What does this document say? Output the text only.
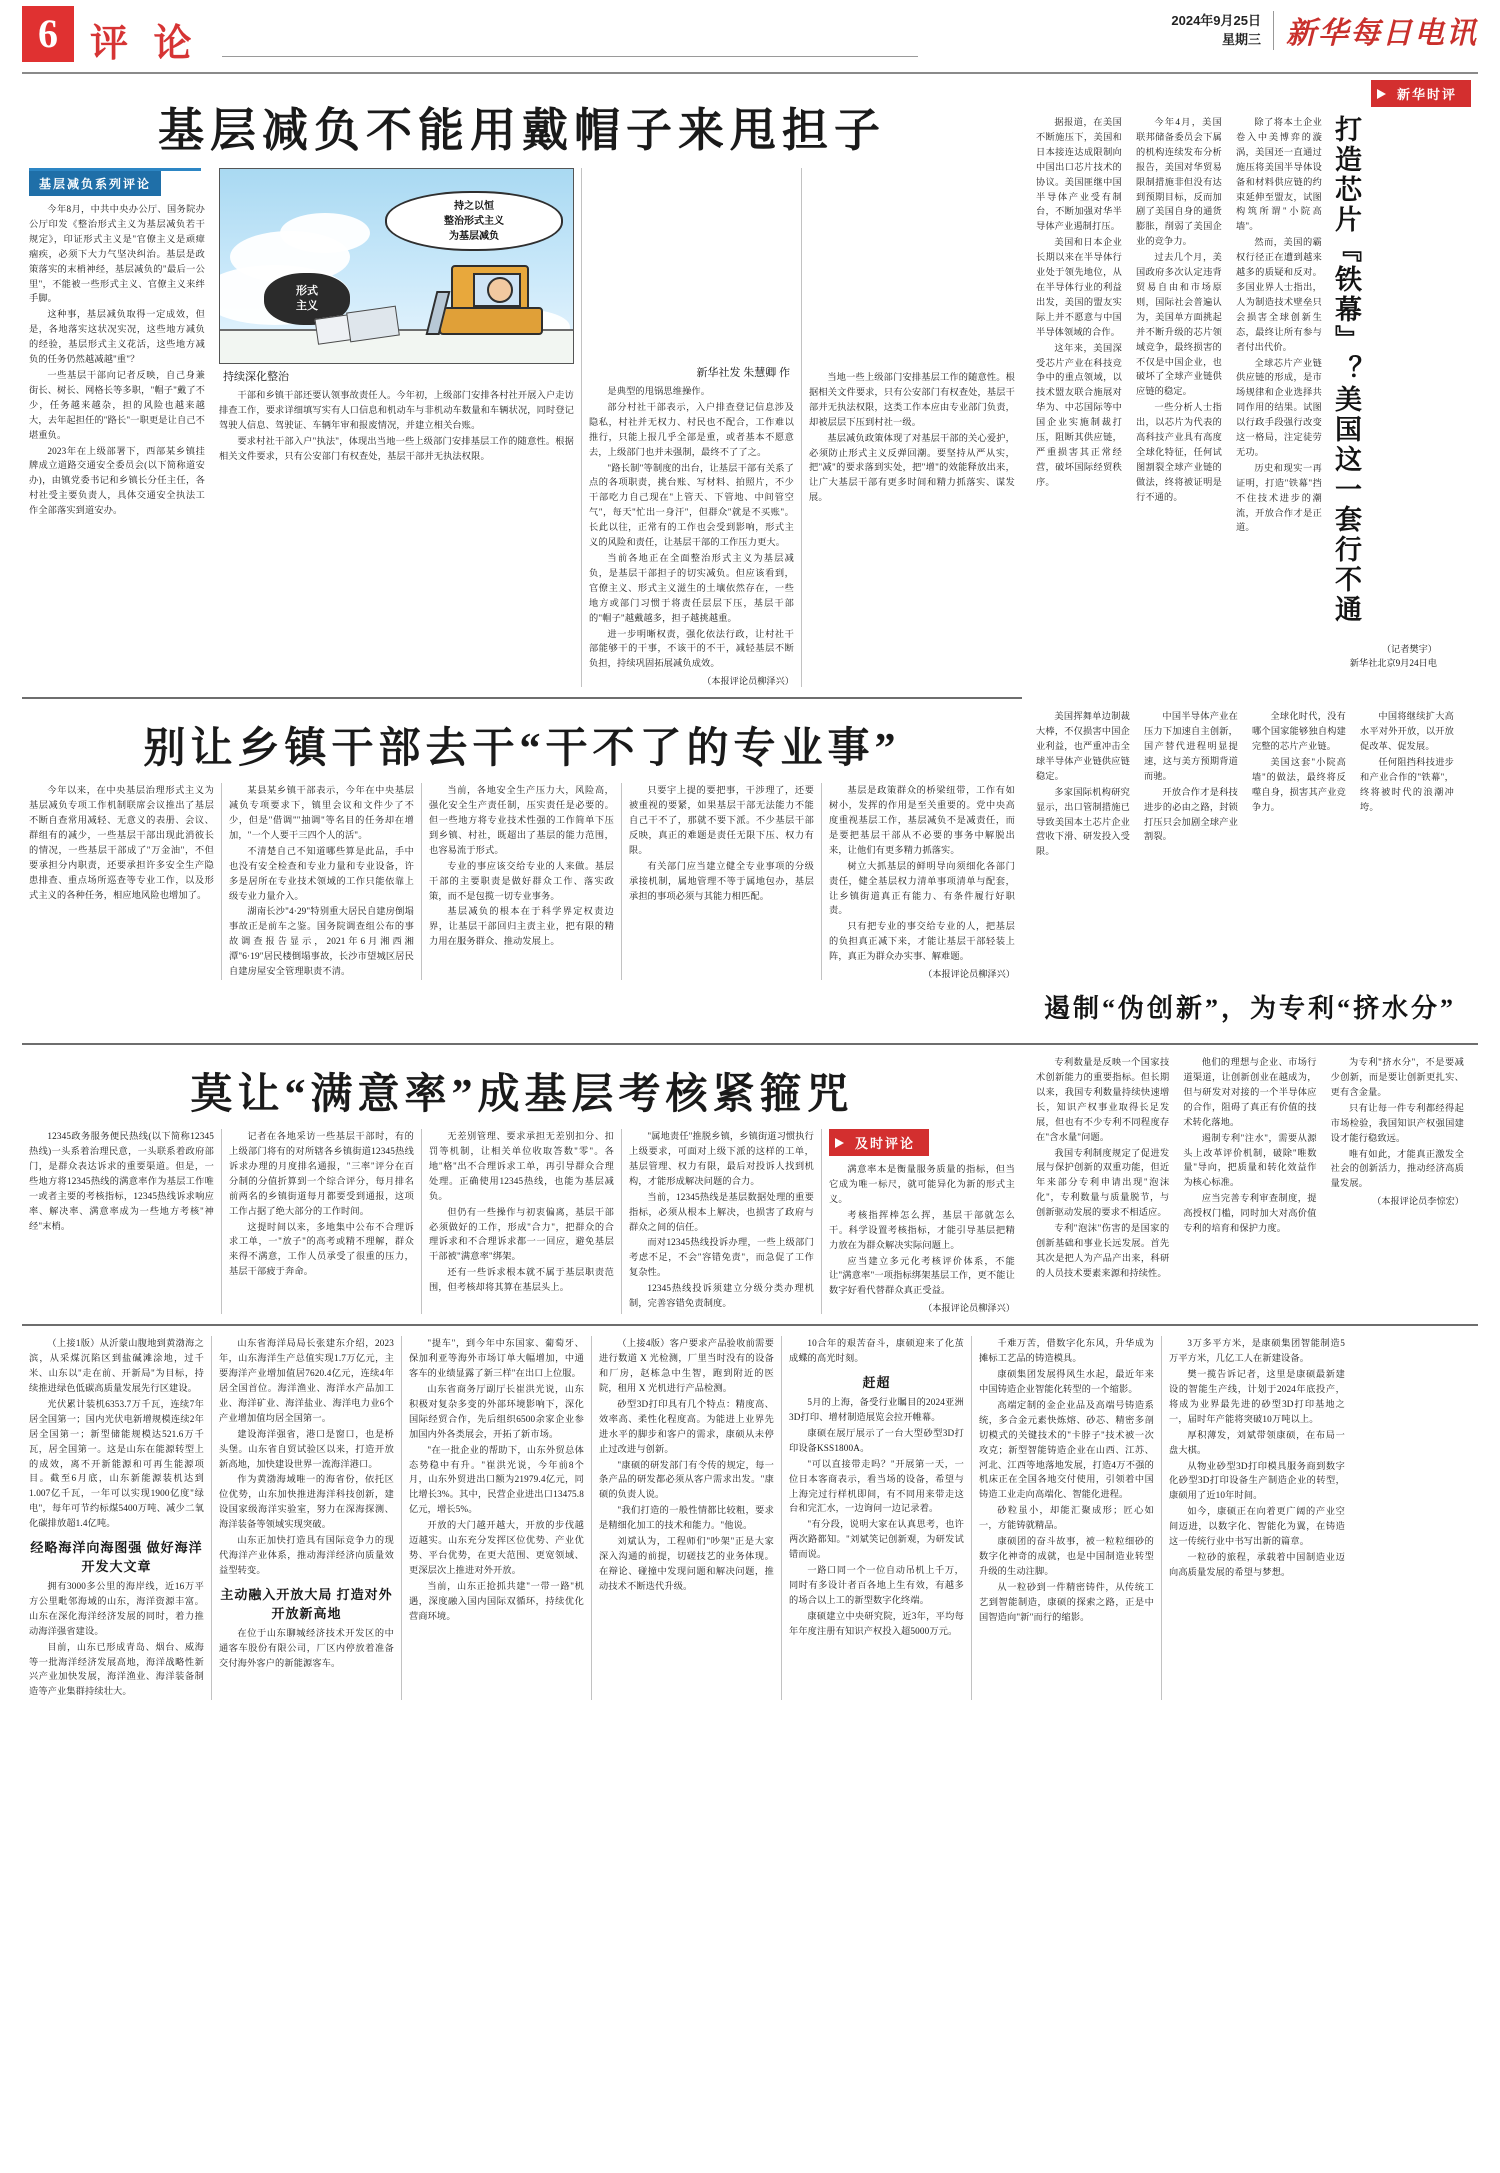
6 评 论
2024年9月25日
星期三 新华每日电讯
基层减负不能用戴帽子来甩担子
基层减负系列评论

今年8月，中共中央办公厅、国务院办公厅印发《整治形式主义为基层减负若干规定》，印证形式主义是"官僚主义是顽瘴痼疾，必须下大力气坚决纠治。基层是政策落实的末梢神经，基层减负的"最后一公里"，不能被一些形式主义、官僚主义来绊手脚。

这种事，基层减负取得一定成效，但是，各地落实这状况实况，这些地方减负的经验，基层形式主义花活，这些地方减负的任务仍然越减越"重"？

一些基层干部向记者反映，自己身兼街长、树长、网格长等多职，"帽子"戴了不少，任务越来越杂，担的风险也越来越大，去年起担任的"路长"一职更是让自己不堪重负。

2023年在上级部署下，西部某乡镇挂牌成立道路交通安全委员会(以下简称道安办)，由镇党委书记和乡镇长分任主任，各村社受主要负责人，具体交通安全执法工作全部落实到道安办。

持之以恒
整治形式主义
为基层减负
形式
主义
持续深化整治

干部和乡镇干部还要认领事故责任人。今年初，上级部门安排各村社开展入户走访排查工作，要求详细填写实有人口信息和机动车与非机动车数量和车辆状况，同时登记驾驶人信息、驾驶证、车辆年审和报废情况，并建立相关台账。

要求村社干部入户"执法"，体现出当地一些上级部门安排基层工作的随意性。根据相关文件要求，只有公安部门有权查处，基层干部并无执法权限。

新华社发 朱慧卿 作

是典型的甩锅思维操作。

部分村社干部表示，入户排查登记信息涉及隐私，村社并无权力、村民也不配合，工作难以推行，只能上报几乎全部是重，或者基本不愿意去，上级部门也并未强制，最终不了了之。

"路长制"等制度的出台，让基层干部有关系了点的各项职责，挑台账、写材料、拍照片，不少干部吃力自己现在"上管天、下管地、中间管空气"，每天"忙出一身汗"，但群众"就是不买账"。长此以往，正常有的工作也会受到影响，形式主义的风险和责任，让基层干部的工作压力更大。

当前各地正在全面整治形式主义为基层减负，是基层干部担子的切实减负。但应该看到，官僚主义、形式主义滋生的土壤依然存在，一些地方或部门习惯于将责任层层下压，基层干部的"帽子"越戴越多，担子越挑越重。

进一步明晰权责，强化依法行政，让村社干部能够干的干事，不该干的不干，减轻基层不断负担，持续巩固拓展减负成效。

（本报评论员柳泽兴）

当地一些上级部门安排基层工作的随意性。根据相关文件要求，只有公安部门有权查处，基层干部并无执法权限，这类工作本应由专业部门负责，却被层层下压到村社一级。

基层减负政策体现了对基层干部的关心爱护，必须防止形式主义反弹回潮。要坚持从严从实，把"减"的要求落到实处，把"增"的效能释放出来，让广大基层干部有更多时间和精力抓落实、谋发展。

新华时评

据报道，在美国不断施压下，美国和日本接连达成限制向中国出口芯片技术的协议。美国匪继中国半导体产业受有制台，不断加强对华半导体产业遏制打压。

美国和日本企业长期以来在半导体行业处于领先地位，从在半导体行业的利益出发，美国的盟友实际上并不愿意与中国半导体领域的合作。

这年来，美国深受芯片产业在科技竞争中的重点领域，以技术盟友联合施展对华为、中芯国际等中国企业实施制裁打压，阻断其供应链，严重损害其正常经营，破坏国际经贸秩序。

今年4月，美国联邦储备委员会下属的机构连续发布分析报告，美国对华贸易限制措施非但没有达到预期目标，反而加剧了美国自身的通货膨胀，削弱了美国企业的竞争力。

过去几个月，美国政府多次认定违背贸易自由和市场原则，国际社会普遍认为，美国单方面挑起并不断升级的芯片领域竞争，最终损害的不仅是中国企业，也破坏了全球产业链供应链的稳定。

一些分析人士指出，以芯片为代表的高科技产业具有高度全球化特征，任何试图割裂全球产业链的做法，终将被证明是行不通的。

除了将本土企业卷入中美博弈的漩涡，美国还一直通过施压将美国半导体设备和材料供应链的约束延伸至盟友，试图构筑所谓"小院高墙"。

然而，美国的霸权行径正在遭到越来越多的质疑和反对。多国业界人士指出，人为制造技术壁垒只会损害全球创新生态，最终让所有参与者付出代价。

全球芯片产业链供应链的形成，是市场规律和企业选择共同作用的结果。试图以行政手段强行改变这一格局，注定徒劳无功。

历史和现实一再证明，打造"铁幕"挡不住技术进步的潮流，开放合作才是正道。	打造芯片『铁幕』？美国这一套行不通
（记者樊宇）
新华社北京9月24日电
别让乡镇干部去干“干不了的专业事”

今年以来，在中央基层治理形式主义为基层减负专项工作机制联席会议推出了基层不断自查常用减轻、无意义的表册、会议、群组有的减少，一些基层干部出现此消彼长的情况，一些基层干部成了"万金油"，不但要承担分内职责，还要承担许多安全生产隐患排查、重点场所巡查等专业工作，以及形式主义的各种任务，相应地风险也增加了。

某县某乡镇干部表示，今年在中央基层减负专项要求下，镇里会议和文件少了不少，但是"借调""抽调"等名目的任务却在增加，"一个人要干三四个人的活"。

不清楚自己不知道哪些算是此品，手中也没有安全检查和专业力量和专业设备，许多是居所在专业技术领域的工作只能依靠上级专业力量介入。

湖南长沙"4·29"特别重大居民自建房倒塌事故正是前车之鉴。国务院调查组公布的事故调查报告显示，2021年6月湘西湘潭"6·19"居民楼倒塌事故，长沙市望城区居民自建房屋安全管理职责不清。

当前，各地安全生产压力大，风险高，强化安全生产责任制，压实责任是必要的。但一些地方将专业技术性强的工作简单下压到乡镇、村社，既超出了基层的能力范围，也容易流于形式。

专业的事应该交给专业的人来做。基层干部的主要职责是做好群众工作、落实政策，而不是包揽一切专业事务。

基层减负的根本在于科学界定权责边界，让基层干部回归主责主业，把有限的精力用在服务群众、推动发展上。

只要宇上提的要把事，干涉理了，还要被重视的要紧，如果基层干部无法能力不能自己干不了，那就不要下派。不少基层干部反映，真正的难题是责任无限下压、权力有限。

有关部门应当建立健全专业事项的分级承接机制，属地管理不等于属地包办，基层承担的事项必须与其能力相匹配。

基层是政策群众的桥梁纽带，工作有如树小，发挥的作用是至关重要的。党中央高度重视基层工作，基层减负不是减责任，而是要把基层干部从不必要的事务中解脱出来，让他们有更多精力抓落实。

树立大抓基层的鲜明导向须细化各部门责任，健全基层权力清单事项清单与配套，让乡镇街道真正有能力、有条件履行好职责。

只有把专业的事交给专业的人，把基层的负担真正减下来，才能让基层干部轻装上阵，真正为群众办实事、解难题。

（本报评论员柳泽兴）

美国挥舞单边制裁大棒，不仅损害中国企业利益，也严重冲击全球半导体产业链供应链稳定。

多家国际机构研究显示，出口管制措施已导致美国本土芯片企业营收下滑、研发投入受限。

中国半导体产业在压力下加速自主创新，国产替代进程明显提速，这与美方预期背道而驰。

开放合作才是科技进步的必由之路，封锁打压只会加剧全球产业割裂。

全球化时代，没有哪个国家能够独自构建完整的芯片产业链。

美国这套"小院高墙"的做法，最终将反噬自身，损害其产业竞争力。

中国将继续扩大高水平对外开放，以开放促改革、促发展。

任何阻挡科技进步和产业合作的"铁幕"，终将被时代的浪潮冲垮。

遏制“伪创新”，为专利“挤水分”
莫让“满意率”成基层考核紧箍咒

12345政务服务便民热线(以下简称12345热线)一头系着治理民意，一头联系着政府部门，是群众表达诉求的重要渠道。但是，一些地方将12345热线的满意率作为基层工作唯一或者主要的考核指标，12345热线诉求响应率、解决率、满意率成为一些地方考核"神经"末梢。

记者在各地采访一些基层干部时，有的上级部门将有的对所辖各乡镇街道12345热线诉求办理的月度排名通报，"三率"评分在百分制的分值折算到一个综合评分，每月排名前两名的乡镇街道每月都要受到通报，这项工作占据了绝大部分的工作时间。

这提时间以来，多地集中公布不合理诉求工单，一"放子"的高考或精不理解，群众来得不满意，工作人员承受了很重的压力，基层干部疲于奔命。

无差别管理、要求承担无差别扣分、扣罚等机制，让相关单位收取答数"零"。各地"格"出不合理诉求工单，再引导群众合理处理。正确使用12345热线，也能为基层减负。

但仍有一些操作与初衷偏离，基层干部必须做好的工作，形成"合力"，把群众的合理诉求和不合理诉求都一一回应，避免基层干部被"满意率"绑架。

还有一些诉求根本就不属于基层职责范围，但考核却将其算在基层头上。

"属地责任"推脱乡镇，乡镇街道习惯执行上级要求，可面对上级下派的这样的工单，基层管理、权力有限，最后对投诉人找到机构，才能形成解决问题的合力。

当前，12345热线是基层数据处理的重要指标，必须从根本上解决，也损害了政府与群众之间的信任。

而对12345热线投诉办理，一些上级部门考虑不足，不会"容错免责"，而急促了工作复杂性。

12345热线投诉须建立分级分类办理机制，完善容错免责制度。

及时评论

满意率本是衡量服务质量的指标，但当它成为唯一标尺，就可能异化为新的形式主义。

考核指挥棒怎么挥，基层干部就怎么干。科学设置考核指标，才能引导基层把精力放在为群众解决实际问题上。

应当建立多元化考核评价体系，不能让"满意率"一项指标绑架基层工作，更不能让数字好看代替群众真正受益。

（本报评论员柳泽兴）

专利数量是反映一个国家技术创新能力的重要指标。但长期以来，我国专利数量持续快速增长，知识产权事业取得长足发展，但也有不少专利不同程度存在"含水量"问题。

我国专利制度规定了促进发展与保护创新的双重功能，但近年来部分专利申请出现"泡沫化"，专利数量与质量脱节，与创新驱动发展的要求不相适应。

专利"泡沫"伤害的是国家的创新基础和事业长远发展。首先其次是把人为产品产出来，科研的人员技术要素来源和持续性。

他们的理想与企业、市场行道渠道，让创新创业在越成为，但与研发对对接的一个半导体应的合作，阻碍了真正有价值的技术转化落地。

遏制专利"注水"，需要从源头上改革评价机制，破除"唯数量"导向，把质量和转化效益作为核心标准。

应当完善专利审查制度，提高授权门槛，同时加大对高价值专利的培育和保护力度。

为专利"挤水分"，不是要减少创新，而是要让创新更扎实、更有含金量。

只有让每一件专利都经得起市场检验，我国知识产权强国建设才能行稳致远。

唯有如此，才能真正激发全社会的创新活力，推动经济高质量发展。

（本报评论员李惊宏）

（上接1版）从沂蒙山腹地到黄渤海之滨，从采煤沉陷区到盐碱滩涂地，过千米、山东以"走在前、开新局"为目标，持续推进绿色低碳高质量发展先行区建设。

光伏累计装机6353.7万千瓦，连续7年居全国第一；国内光伏电新增规模连续2年居全国第一；新型储能规模达521.6万千瓦，居全国第一。这是山东在能源转型上的成效，离不开新能源和可再生能源项目。截至6月底，山东新能源装机达到1.007亿千瓦，一年可以实现1900亿度"绿电"，每年可节约标煤5400万吨、减少二氧化碳排放超1.4亿吨。

经略海洋向海图强 做好海洋开发大文章

拥有3000多公里的海岸线，近16万平方公里毗邻海域的山东，海洋资源丰富。山东在深化海洋经济发展的同时，着力推动海洋强省建设。

目前，山东已形成青岛、烟台、威海等一批海洋经济发展高地，海洋战略性新兴产业加快发展，海洋渔业、海洋装备制造等产业集群持续壮大。

山东省海洋局局长张建东介绍，2023年，山东海洋生产总值实现1.7万亿元，主要海洋产业增加值居7620.4亿元，连续4年居全国首位。海洋渔业、海洋水产品加工业、海洋矿业、海洋盐业、海洋电力业6个产业增加值均居全国第一。

建设海洋强省，港口是窗口，也是桥头堡。山东省自贸试验区以来，打造开放新高地，加快建设世界一流海洋港口。

作为黄渤海域唯一的海省份，依托区位优势，山东加快推进海洋科技创新，建设国家级海洋实验室，努力在深海探测、海洋装备等领域实现突破。

山东正加快打造具有国际竞争力的现代海洋产业体系，推动海洋经济向质量效益型转变。

主动融入开放大局 打造对外开放新高地

在位于山东聊城经济技术开发区的中通客车股份有限公司，厂区内停放着准备交付海外客户的新能源客车。

"提车"，到今年中东国家、葡萄牙、保加利亚等海外市场订单大幅增加，中通客车的业绩显露了新三样"在出口上位服。

山东省商务厅副厅长崔洪光说，山东积极对复杂多变的外部环境影响下，深化国际经贸合作，先后组织6500余家企业参加国内外各类展会，开拓了新市场。

"在一批企业的帮助下，山东外贸总体态势稳中有升。"崔洪光说，今年前8个月，山东外贸进出口额为21979.4亿元，同比增长3%。其中，民营企业进出口13475.8亿元，增长5%。

开放的大门越开越大，开放的步伐越迈越实。山东充分发挥区位优势、产业优势、平台优势，在更大范围、更宽领域、更深层次上推进对外开放。

当前，山东正抢抓共建"一带一路"机遇，深度融入国内国际双循环，持续优化营商环境。

（上接4版）客户要求产品验收前需要进行数道 X 光检测，厂里当时没有的设备和厂房，赵栋急中生智，跑到附近的医院，租用 X 光机进行产品检测。

砂型3D打印具有几个特点：精度高、效率高、柔性化程度高。为能进上业界先进水平的脚步和客户的需求，康硕从未停止过改进与创新。

"康硕的研发部门有令传的规定，每一条产品的研发都必须从客户需求出发。"康硕的负责人说。

"我们打造的一般性情都比较粗，要求是精细化加工的技术和能力。"他说。

刘斌认为，工程师们"吵架"正是大家深入沟通的前提，切磋技艺的业务体现。在辩论、碰撞中发现问题和解决问题，推动技术不断迭代升级。

10合年的艰苦奋斗，康硕迎来了化茧成蝶的高光时刻。

赶超

5月的上海，备受行业瞩目的2024亚洲3D打印、增材制造展览会拉开帷幕。

康硕在展厅展示了一台大型砂型3D打印设备KSS1800A。

"可以直接带走吗？"开展第一天，一位日本客商表示，看当场的设备，希望与上海完过行样机即间，有不同用来带走这台和完汇水，一边询问一边记录着。

"有分段，说明大家在认真思考，也许两次路都知。"刘斌笑记创新观，为研发试错而说。

一路口同一个一位自动吊机上千万，同时有多设计者百各地上生有效，有越多的场合以上工的新型数字化终端。

康硕建立中央研究院，近3年，平均每年年度注册有知识产权投入超5000万元。

千难万苦，借数字化东风，升华成为摊标工艺品的铸造模具。

康硕集团发展得风生水起，最近年来中国铸造企业智能化转型的一个缩影。

高端定制的金企业品及高端号铸造系统，多合金元素快炼熔、砂芯、精密多剖切模式的关键技术的"卡脖子"技术被一次攻克；新型智能铸造企业在山西、江苏、河北、江西等地落地发展，打造4万不强的机床正在全国各地交付使用，引领着中国铸造工业走向高端化、智能化进程。

砂粒虽小，却能汇聚成形；匠心如一，方能铸就精品。

康硕团的奋斗故事，被一粒粒细砂的数字化神奇的成就，也是中国制造业转型升级的生动注脚。

从一粒砂到一件精密铸件，从传统工艺到智能制造，康硕的探索之路，正是中国智造向"新"而行的缩影。

3万多平方米，是康硕集团智能制造5万平方米，几亿工人在新建设备。

樊一揽告诉记者，这里是康硕最新建设的智能生产线，计划于2024年底投产，将成为业界最先进的砂型3D打印基地之一，届时年产能将突破10万吨以上。

厚积薄发，刘斌带领康硕，在布局一盘大棋。

从物业砂型3D打印模具服务商到数字化砂型3D打印设备生产制造企业的转型，康硕用了近10年时间。

如今，康硕正在向着更广阔的产业空间迈进，以数字化、智能化为翼，在铸造这一传统行业中书写出新的篇章。

一粒砂的旅程，承载着中国制造业迈向高质量发展的希望与梦想。
